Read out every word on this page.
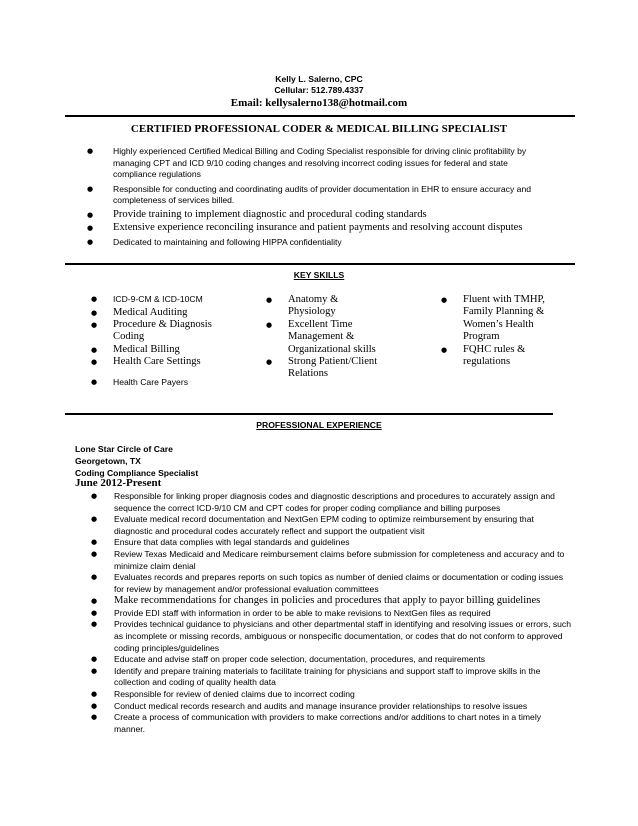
Kelly L. Salerno, CPC
Cellular: 512.789.4337
Email: kellysalerno138@hotmail.com
CERTIFIED PROFESSIONAL CODER & MEDICAL BILLING SPECIALIST
● Highly experienced Certified Medical Billing and Coding Specialist responsible for driving clinic profitability by managing CPT and ICD 9/10 coding changes and resolving incorrect coding issues for federal and state compliance regulations
● Responsible for conducting and coordinating audits of provider documentation in EHR to ensure accuracy and completeness of services billed.
● Provide training to implement diagnostic and procedural coding standards
● Extensive experience reconciling insurance and patient payments and resolving account disputes
● Dedicated to maintaining and following HIPPA confidentiality
KEY SKILLS
● ICD-9-CM & ICD-10CM
● Medical Auditing
● Procedure & Diagnosis Coding
● Medical Billing
● Health Care Settings
● Health Care Payers
● Anatomy & Physiology
● Excellent Time Management & Organizational skills
● Strong Patient/Client Relations
● Fluent with TMHP, Family Planning & Women’s Health Program
● FQHC rules & regulations
PROFESSIONAL EXPERIENCE
Lone Star Circle of Care
Georgetown, TX
Coding Compliance Specialist
June 2012-Present
● Responsible for linking proper diagnosis codes and diagnostic descriptions and procedures to accurately assign and sequence the correct ICD-9/10 CM and CPT codes for proper coding compliance and billing purposes
● Evaluate medical record documentation and NextGen EPM coding to optimize reimbursement by ensuring that diagnostic and procedural codes accurately reflect and support the outpatient visit
● Ensure that data complies with legal standards and guidelines
● Review Texas Medicaid and Medicare reimbursement claims before submission for completeness and accuracy and to minimize claim denial
● Evaluates records and prepares reports on such topics as number of denied claims or documentation or coding issues for review by management and/or professional evaluation committees
● Make recommendations for changes in policies and procedures that apply to payor billing guidelines
● Provide EDI staff with information in order to be able to make revisions to NextGen files as required
● Provides technical guidance to physicians and other departmental staff in identifying and resolving issues or errors, such as incomplete or missing records, ambiguous or nonspecific documentation, or codes that do not conform to approved coding principles/guidelines
● Educate and advise staff on proper code selection, documentation, procedures, and requirements
● Identify and prepare training materials to facilitate training for physicians and support staff to improve skills in the collection and coding of quality health data
● Responsible for review of denied claims due to incorrect coding
● Conduct medical records research and audits and manage insurance provider relationships to resolve issues
● Create a process of communication with providers to make corrections and/or additions to chart notes in a timely manner.
